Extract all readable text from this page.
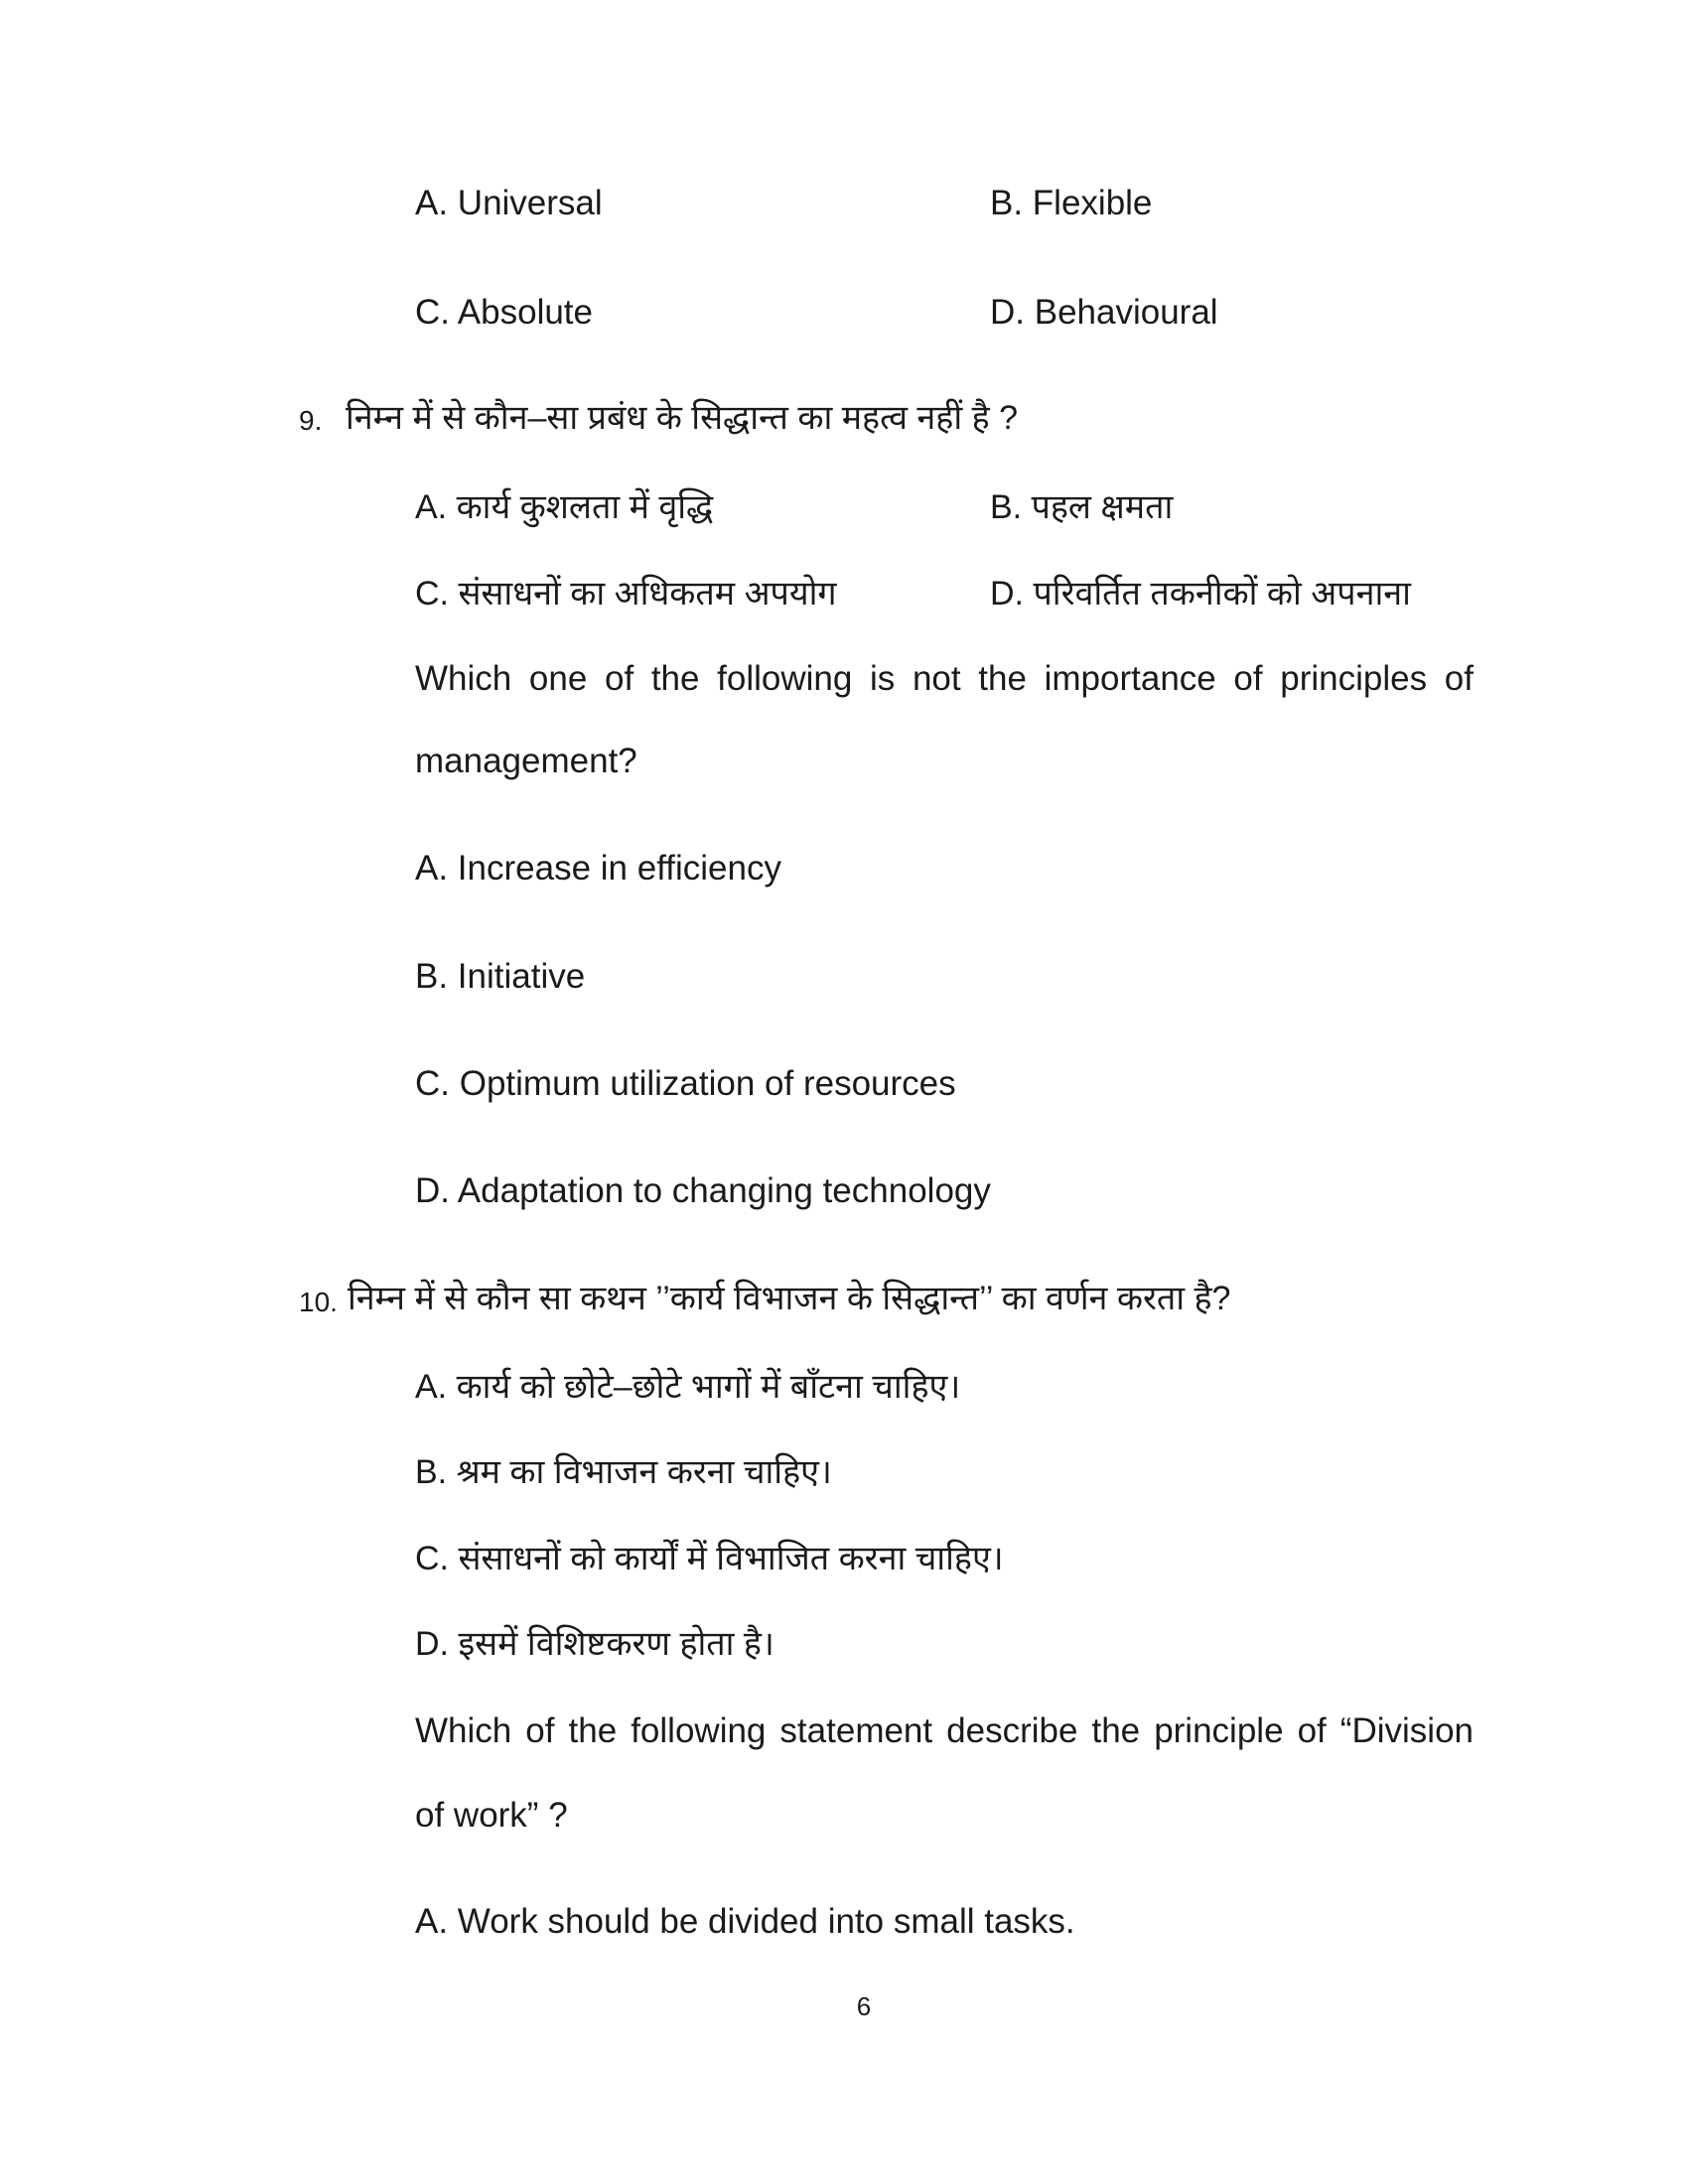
A. Universal	B. Flexible
C. Absolute	D. Behavioural
9. निम्न में से कौन–सा प्रबंध के सिद्धान्त का महत्व नहीं है ?
A. कार्य कुशलता में वृद्धि	B. पहल क्षमता
C. संसाधनों का अधिकतम अपयोग	D. परिवर्तित तकनीकों को अपनाना
Which one of the following is not the importance of principles of
management?
A. Increase in efficiency
B. Initiative
C. Optimum utilization of resources
D. Adaptation to changing technology
10. निम्न में से कौन सा कथन ’’कार्य विभाजन के सिद्धान्त’’ का वर्णन करता है?
A. कार्य को छोटे–छोटे भागों में बाँटना चाहिए।
B. श्रम का विभाजन करना चाहिए।
C. संसाधनों को कार्यों में विभाजित करना चाहिए।
D. इसमें विशिष्टकरण होता है।
Which of the following statement describe the principle of “Division
of work” ?
A. Work should be divided into small tasks.
6
